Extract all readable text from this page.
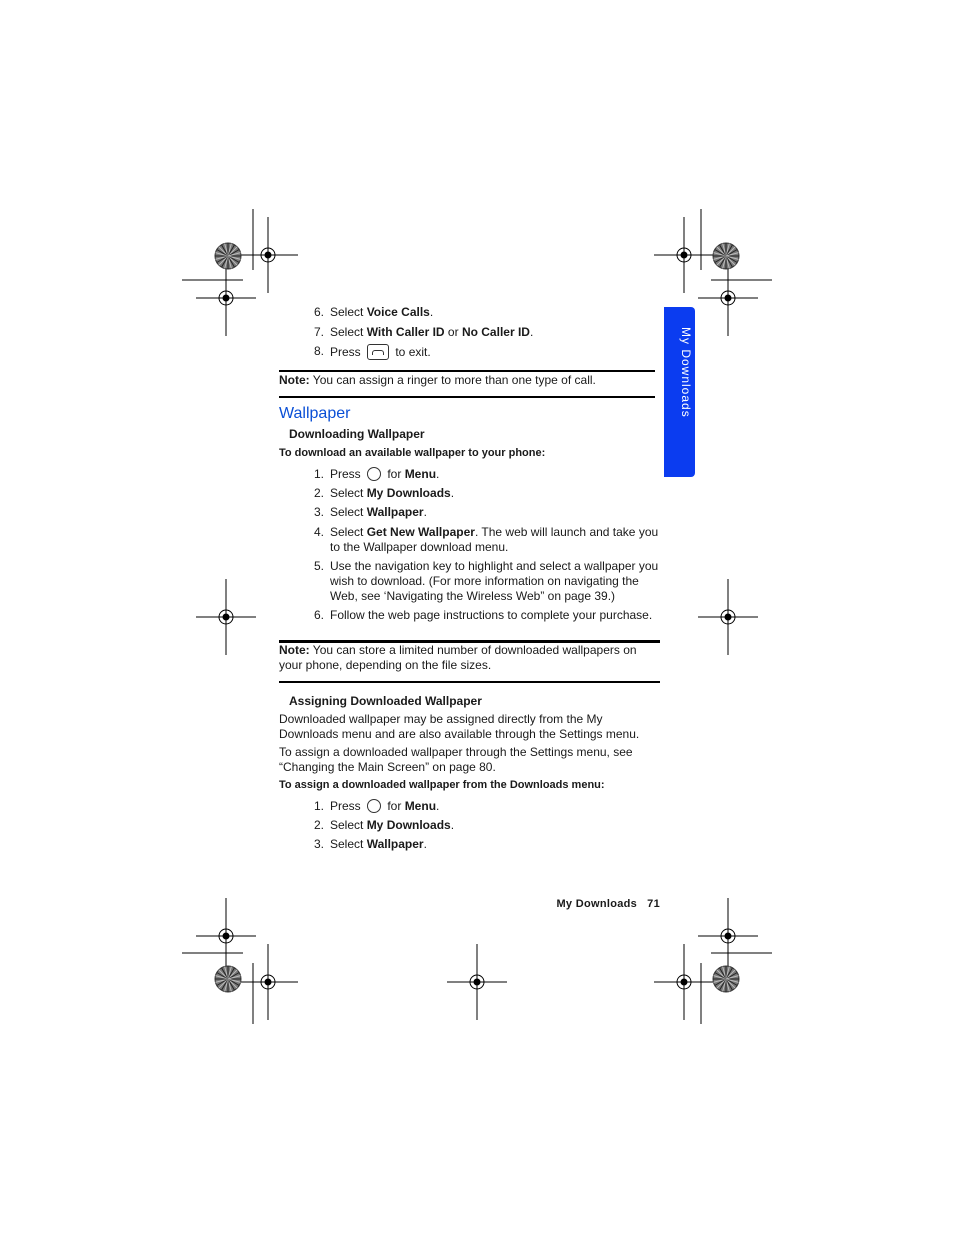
My Downloads
6. Select Voice Calls.
7. Select With Caller ID or No Caller ID.
8. Press  to exit.
Note: You can assign a ringer to more than one type of call.
Wallpaper
Downloading Wallpaper
To download an available wallpaper to your phone:
1. Press  for Menu.
2. Select My Downloads.
3. Select Wallpaper.
4. Select Get New Wallpaper. The web will launch and take you to the Wallpaper download menu.
5. Use the navigation key to highlight and select a wallpaper you wish to download. (For more information on navigating the Web, see ‘Navigating the Wireless Web” on page 39.)
6. Follow the web page instructions to complete your purchase.
Note: You can store a limited number of downloaded wallpapers on your phone, depending on the file sizes.
Assigning Downloaded Wallpaper
Downloaded wallpaper may be assigned directly from the My Downloads menu and are also available through the Settings menu.
To assign a downloaded wallpaper through the Settings menu, see “Changing the Main Screen” on page 80.
To assign a downloaded wallpaper from the Downloads menu:
1. Press  for Menu.
2. Select My Downloads.
3. Select Wallpaper.
My Downloads 71
